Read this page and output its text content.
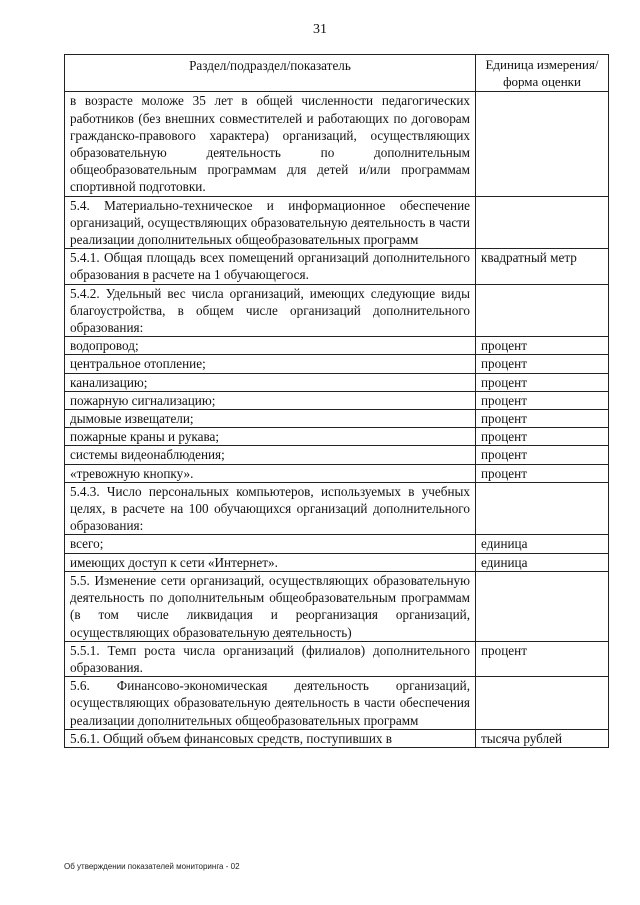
31
Раздел/подраздел/показатель	Единица измерения/ форма оценки
в возрасте моложе 35 лет в общей численности педагогических работников (без внешних совместителей и работающих по договорам гражданско-правового характера) организаций, осуществляющих образовательную деятельность по дополнительным общеобразовательным программам для детей и/или программам спортивной подготовки.	
5.4. Материально-техническое и информационное обеспечение организаций, осуществляющих образовательную деятельность в части реализации дополнительных общеобразовательных программ	
5.4.1. Общая площадь всех помещений организаций дополнительного образования в расчете на 1 обучающегося.	квадратный метр
5.4.2. Удельный вес числа организаций, имеющих следующие виды благоустройства, в общем числе организаций дополнительного образования:	
водопровод;	процент
центральное отопление;	процент
канализацию;	процент
пожарную сигнализацию;	процент
дымовые извещатели;	процент
пожарные краны и рукава;	процент
системы видеонаблюдения;	процент
«тревожную кнопку».	процент
5.4.3. Число персональных компьютеров, используемых в учебных целях, в расчете на 100 обучающихся организаций дополнительного образования:	
всего;	единица
имеющих доступ к сети «Интернет».	единица
5.5. Изменение сети организаций, осуществляющих образовательную деятельность по дополнительным общеобразовательным программам (в том числе ликвидация и реорганизация организаций, осуществляющих образовательную деятельность)	
5.5.1. Темп роста числа организаций (филиалов) дополнительного образования.	процент
5.6. Финансово-экономическая деятельность организаций, осуществляющих образовательную деятельность в части обеспечения реализации дополнительных общеобразовательных программ	
5.6.1. Общий объем финансовых средств, поступивших в	тысяча рублей
Об утверждении показателей мониторинга - 02
